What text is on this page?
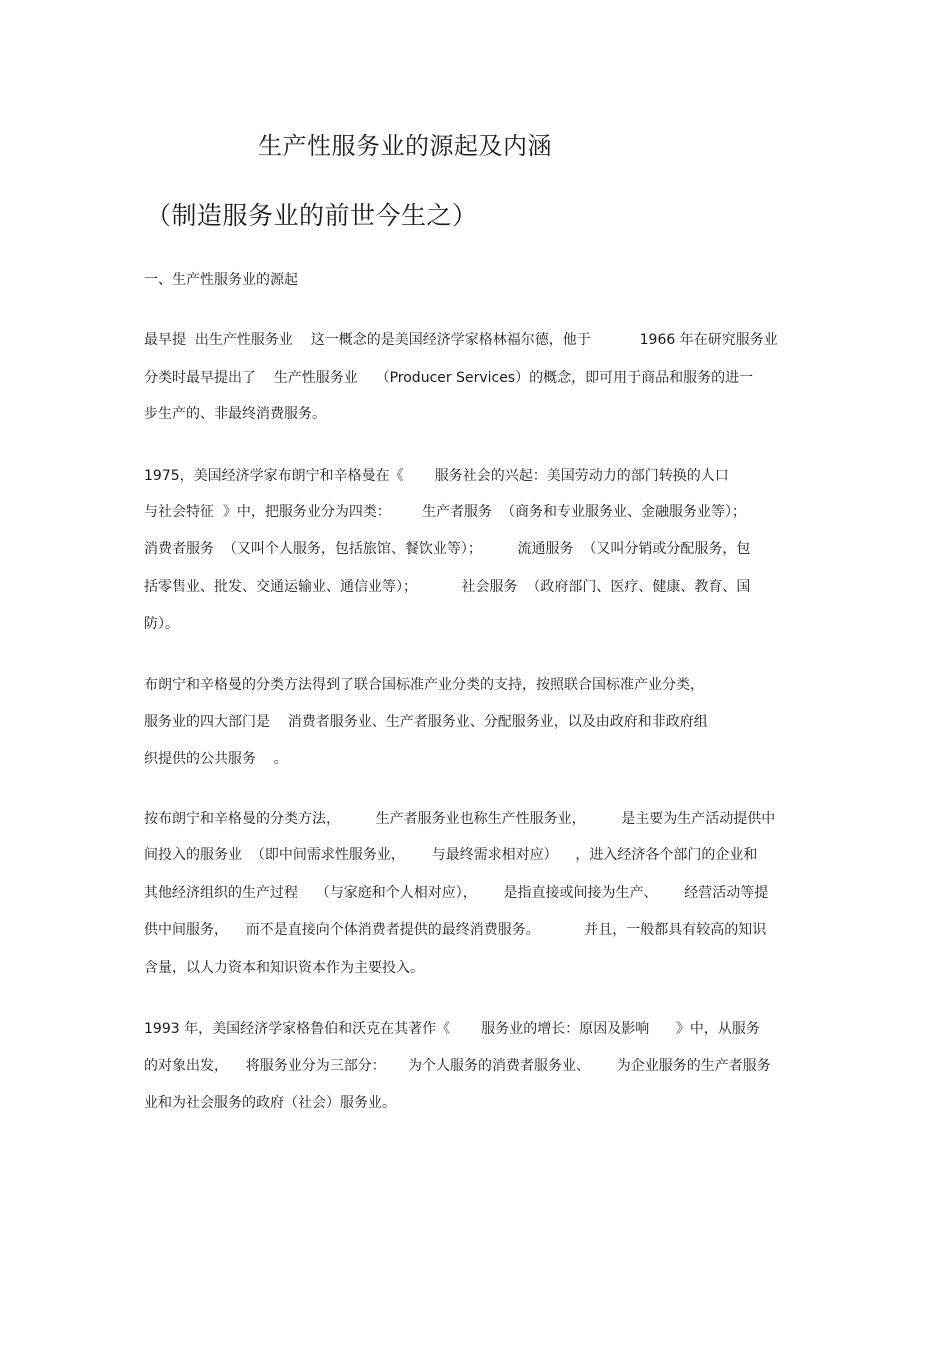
生产性服务业的源起及内涵
（制造服务业的前世今生之）
一、生产性服务业的源起
最早提  出生产性服务业    这一概念的是美国经济学家格林福尔德，他于           1966 年在研究服务业
分类时最早提出了    生产性服务业    （Producer Services）的概念，即可用于商品和服务的进一
步生产的、非最终消费服务。
1975，美国经济学家布朗宁和辛格曼在《       服务社会的兴起：美国劳动力的部门转换的人口
与社会特征  》中，把服务业分为四类：       生产者服务  （商务和专业服务业、金融服务业等）；
消费者服务  （又叫个人服务，包括旅馆、餐饮业等）；        流通服务  （又叫分销或分配服务，包
括零售业、批发、交通运输业、通信业等）；          社会服务  （政府部门、医疗、健康、教育、国
防）。
布朗宁和辛格曼的分类方法得到了联合国标准产业分类的支持，按照联合国标准产业分类，
服务业的四大部门是    消费者服务业、生产者服务业、分配服务业，以及由政府和非政府组
织提供的公共服务    。
按布朗宁和辛格曼的分类方法，        生产者服务业也称生产性服务业，        是主要为生产活动提供中
间投入的服务业  （即中间需求性服务业，      与最终需求相对应）    ，进入经济各个部门的企业和
其他经济组织的生产过程    （与家庭和个人相对应），      是指直接或间接为生产、      经营活动等提
供中间服务，    而不是直接向个体消费者提供的最终消费服务。          并且，一般都具有较高的知识
含量，以人力资本和知识资本作为主要投入。
1993 年，美国经济学家格鲁伯和沃克在其著作《       服务业的增长：原因及影响      》中，从服务
的对象出发，    将服务业分为三部分：     为个人服务的消费者服务业、      为企业服务的生产者服务
业和为社会服务的政府（社会）服务业。
